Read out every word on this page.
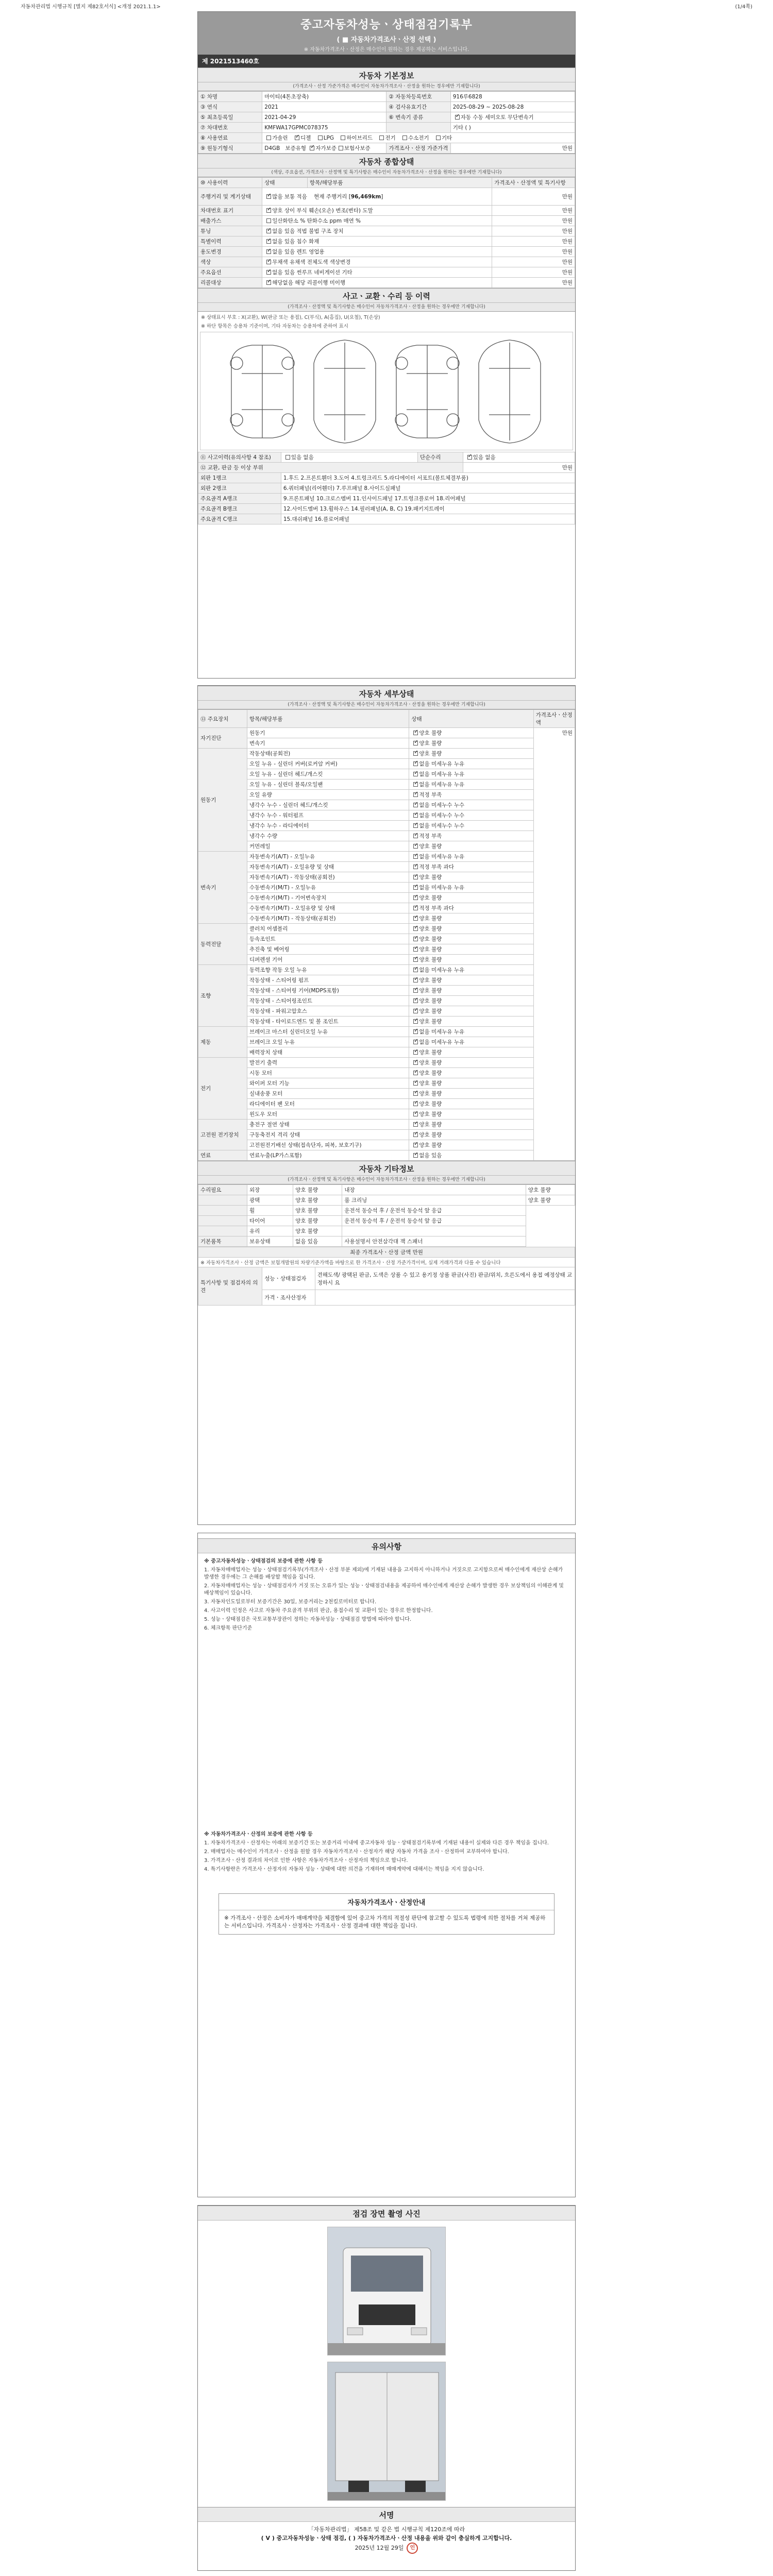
자동차관리법 시행규칙 [별지 제82호서식] <개정 2021.1.1>	(1/4쪽)
중고자동차성능ㆍ상태점검기록부
( ■ 자동차가격조사ㆍ산정 선택 )
※ 자동차가격조사ㆍ산정은 매수인이 원하는 경우 제공하는 서비스입니다.
제 2021513460호
자동차 기본정보
(가격조사ㆍ산정 가준가격은 매수인이 자동차가격조사ㆍ산정을 원하는 경우에만 기재합니다)
① 차명	마이티(4톤초장축)	② 자동차등록번호	916루6828
③ 연식	2021	④ 검사유효기간	2025-08-29 ~ 2025-08-28
⑤ 최초등록일	2021-04-29	⑥ 변속기 종류	✓자동 수동 세미오토 무단변속기
⑦ 차대번호	KMFWA17GPMC078375		기타 ( )
⑧ 사용연료	가솔린 ✓ 디젤 LPG 하이브리드 전기 수소전기 기타
⑨ 원동기형식	D4GB 보증유형 ✓ 자가보증 보험사보증	가격조사ㆍ산정 가준가격	만원
자동차 종합상태
(색상, 주요옵션, 가격조사ㆍ산정액 및 특기사항은 매수인이 자동차가격조사ㆍ산정을 원하는 경우에만 기재합니다)
⑩ 사용이력	상태	항목/해당부품	가격조사ㆍ산정액 및 특기사항
주행거리 및 계기상태	✓많음 보통 적음 현재 주행거리 [96,469km]		만원
차대번호 표기	✓양호 상이 부식 훼손(오손) 변조(변타) 도말		만원
배출가스	일산화탄소 % 탄화수소 ppm 매연 %		만원
튜닝	✓없음 있음 적법 불법 구조 장치		만원
특별이력	✓없음 있음 침수 화재		만원
용도변경	✓없음 있음 렌트 영업용		만원
색상	✓무채색 유채색 전체도색 색상변경		만원
주요옵션	✓없음 있음 썬루프 네비게이션 기타		만원
리콜대상	✓해당없음 해당 리콜이행 미이행		만원
사고ㆍ교환ㆍ수리 등 이력
(가격조사ㆍ산정액 및 특기사항은 매수인이 자동차가격조사ㆍ산정을 원하는 경우에만 기재합니다)
※ 상태표시 부호 : X(교환), W(판금 또는 용접), C(부식), A(흠집), U(요철), T(손상)
※ 하단 항목은 승용차 기준이며, 기타 자동차는 승용차에 준하여 표시
⑪ 사고이력(유의사항 4 참조)	있음 없음	단순수리	✓있음 없음
⑫ 교환, 판금 등 이상 부위			만원
외판 1랭크	1.후드 2.프론트휀더 3.도어 4.트렁크리드 5.라디에이터 서포트(볼트체결부품)		
외판 2랭크	6.쿼터패널(리어휀더) 7.루프패널 8.사이드실패널		
주요골격 A랭크	9.프론트패널 10.크로스멤버 11.인사이드패널 17.트렁크플로어 18.리어패널		
주요골격 B랭크	12.사이드멤버 13.휠하우스 14.필러패널(A, B, C) 19.패키지트레이		
주요골격 C랭크	15.대쉬패널 16.플로어패널		
자동차 세부상태
(가격조사ㆍ산정액 및 특기사항은 매수인이 자동차가격조사ㆍ산정을 원하는 경우에만 기재합니다)
⑬ 주요장치	항목/해당부품	상태	가격조사ㆍ산정액
자기진단	원동기	✓양호 불량	만원
	변속기	✓양호 불량
원동기	작동상태(공회전)	✓양호 불량
	오일 누유 - 실린더 커버(로커암 커버)	✓없음 미세누유 누유
	오일 누유 - 실린더 헤드/개스킷	✓없음 미세누유 누유
	오일 누유 - 실린더 블록/오일팬	✓없음 미세누유 누유
	오일 유량	✓적정 부족
	냉각수 누수 - 실린더 헤드/개스킷	✓없음 미세누수 누수
	냉각수 누수 - 워터펌프	✓없음 미세누수 누수
	냉각수 누수 - 라디에이터	✓없음 미세누수 누수
	냉각수 수량	✓적정 부족
	커먼레일	✓양호 불량
변속기	자동변속기(A/T) - 오일누유	✓없음 미세누유 누유
	자동변속기(A/T) - 오일유량 및 상태	✓적정 부족 과다
	자동변속기(A/T) - 작동상태(공회전)	✓양호 불량
	수동변속기(M/T) - 오일누유	✓없음 미세누유 누유
	수동변속기(M/T) - 기어변속장치	✓양호 불량
	수동변속기(M/T) - 오일유량 및 상태	✓적정 부족 과다
	수동변속기(M/T) - 작동상태(공회전)	✓양호 불량
동력전달	클러치 어셈블리	✓양호 불량
	등속조인트	✓양호 불량
	추진축 및 베어링	✓양호 불량
	디퍼렌셜 기어	✓양호 불량
조향	동력조향 작동 오일 누유	✓없음 미세누유 누유
	작동상태 - 스티어링 펌프	✓양호 불량
	작동상태 - 스티어링 기어(MDPS포함)	✓양호 불량
	작동상태 - 스티어링조인트	✓양호 불량
	작동상태 - 파워고압호스	✓양호 불량
	작동상태 - 타이로드엔드 및 볼 조인트	✓양호 불량
제동	브레이크 마스터 실린더오일 누유	✓없음 미세누유 누유
	브레이크 오일 누유	✓없음 미세누유 누유
	배력장치 상태	✓양호 불량
전기	발전기 출력	✓양호 불량
	시동 모터	✓양호 불량
	와이퍼 모터 기능	✓양호 불량
	실내송풍 모터	✓양호 불량
	라디에이터 팬 모터	✓양호 불량
	윈도우 모터	✓양호 불량
고전원 전기장치	충전구 절연 상태	✓양호 불량
	구동축전지 격리 상태	✓양호 불량
	고전원전기배선 상태(접속단자, 피복, 보호기구)	✓양호 불량
연료	연료누출(LP가스포함)	✓없음 있음
자동차 기타정보
(가격조사ㆍ산정액 및 특기사항은 매수인이 자동차가격조사ㆍ산정을 원하는 경우에만 기재합니다)
수리필요	외장	양호 불량	내장	양호 불량
	광택	양호 불량	룸 크리닝	양호 불량
	휠	양호 불량	운전석 동승석 후 / 운전석 동승석 앞 응급	
	타이어	양호 불량	운전석 동승석 후 / 운전석 동승석 앞 응급	
	유리	양호 불량		
기본품목	보유상태	없음 있음	사용설명서 안전삼각대 잭 스패너	
최종 가격조사ㆍ산정 금액 만원		
※ 자동차가격조사ㆍ산정 금액은 보험개발원의 차량기준가액을 바탕으로 한 가격조사ㆍ산정 가준가격이며, 실제 거래가격과 다를 수 있습니다		
특기사항 및 점검자의 의견	성능ㆍ상태점검자	견해도색/ 광택된 판금, 도색은 상품 수 있고 용기정 상품 판금(사진) 판금/위치, 흐른도에서 용접 예정상태 교정하시 요
	가격ㆍ조사산정자	
유의사항

※ 중고자동차성능ㆍ상태점검의 보증에 관한 사항 등

1. 자동차매매업자는 성능ㆍ상태점검기록부(가격조사ㆍ산정 부분 제외)에 기재된 내용을 고지하지 아니하거나 거짓으로 고지함으로써 매수인에게 재산상 손해가 발생한 경우에는 그 손해를 배상할 책임을 집니다.

2. 자동차매매업자는 성능ㆍ상태점검자가 거짓 또는 오류가 있는 성능ㆍ상태점검내용을 제공하여 매수인에게 재산상 손해가 발생한 경우 보상책임의 이해관계 및 배상책임이 있습니다.

3. 자동차인도일로부터 보증기간은 30일, 보증거리는 2천킬로미터로 합니다.

4. 사고이력 인정은 사고로 자동차 주요골격 부위의 판금, 용접수리 및 교환이 있는 경우로 한정합니다.

5. 성능ㆍ상태점검은 국토교통부장관이 정하는 자동차성능ㆍ상태점검 방법에 따라야 합니다.

6. 체크항목 판단기준

※ 자동차가격조사ㆍ산정의 보증에 관한 사항 등

1. 자동차가격조사ㆍ산정자는 아래의 보증기간 또는 보증거리 이내에 중고자동차 성능ㆍ상태점검기록부에 기재된 내용이 실제와 다른 경우 책임을 집니다.

2. 매매업자는 매수인이 가격조사ㆍ산정을 원할 경우 자동차가격조사ㆍ산정자가 해당 자동차 가격을 조사ㆍ산정하여 교부하여야 합니다.

3. 가격조사ㆍ산정 결과의 차이로 인한 사항은 자동차가격조사ㆍ산정자의 책임으로 합니다.

4. 특기사항란은 가격조사ㆍ산정자의 자동차 성능ㆍ상태에 대한 의견을 기재하며 매매계약에 대해서는 책임을 지지 않습니다.

자동차가격조사ㆍ산정안내
※ 가격조사ㆍ산정은 소비자가 매매계약을 체결함에 있어 중고차 가격의 적절성 판단에 참고할 수 있도록 법령에 의한 절차를 거쳐 제공하는 서비스입니다. 가격조사ㆍ산정자는 가격조사ㆍ산정 결과에 대한 책임을 집니다.
점검 장면 촬영 사진
서명
「자동차관리법」 제58조 및 같은 법 시행규칙 제120조에 따라
( V ) 중고자동차성능ㆍ상태 점검, ( ) 자동차가격조사ㆍ산정 내용을 위와 같이 충실하게 고지합니다.
2025년 12월 29일 인
